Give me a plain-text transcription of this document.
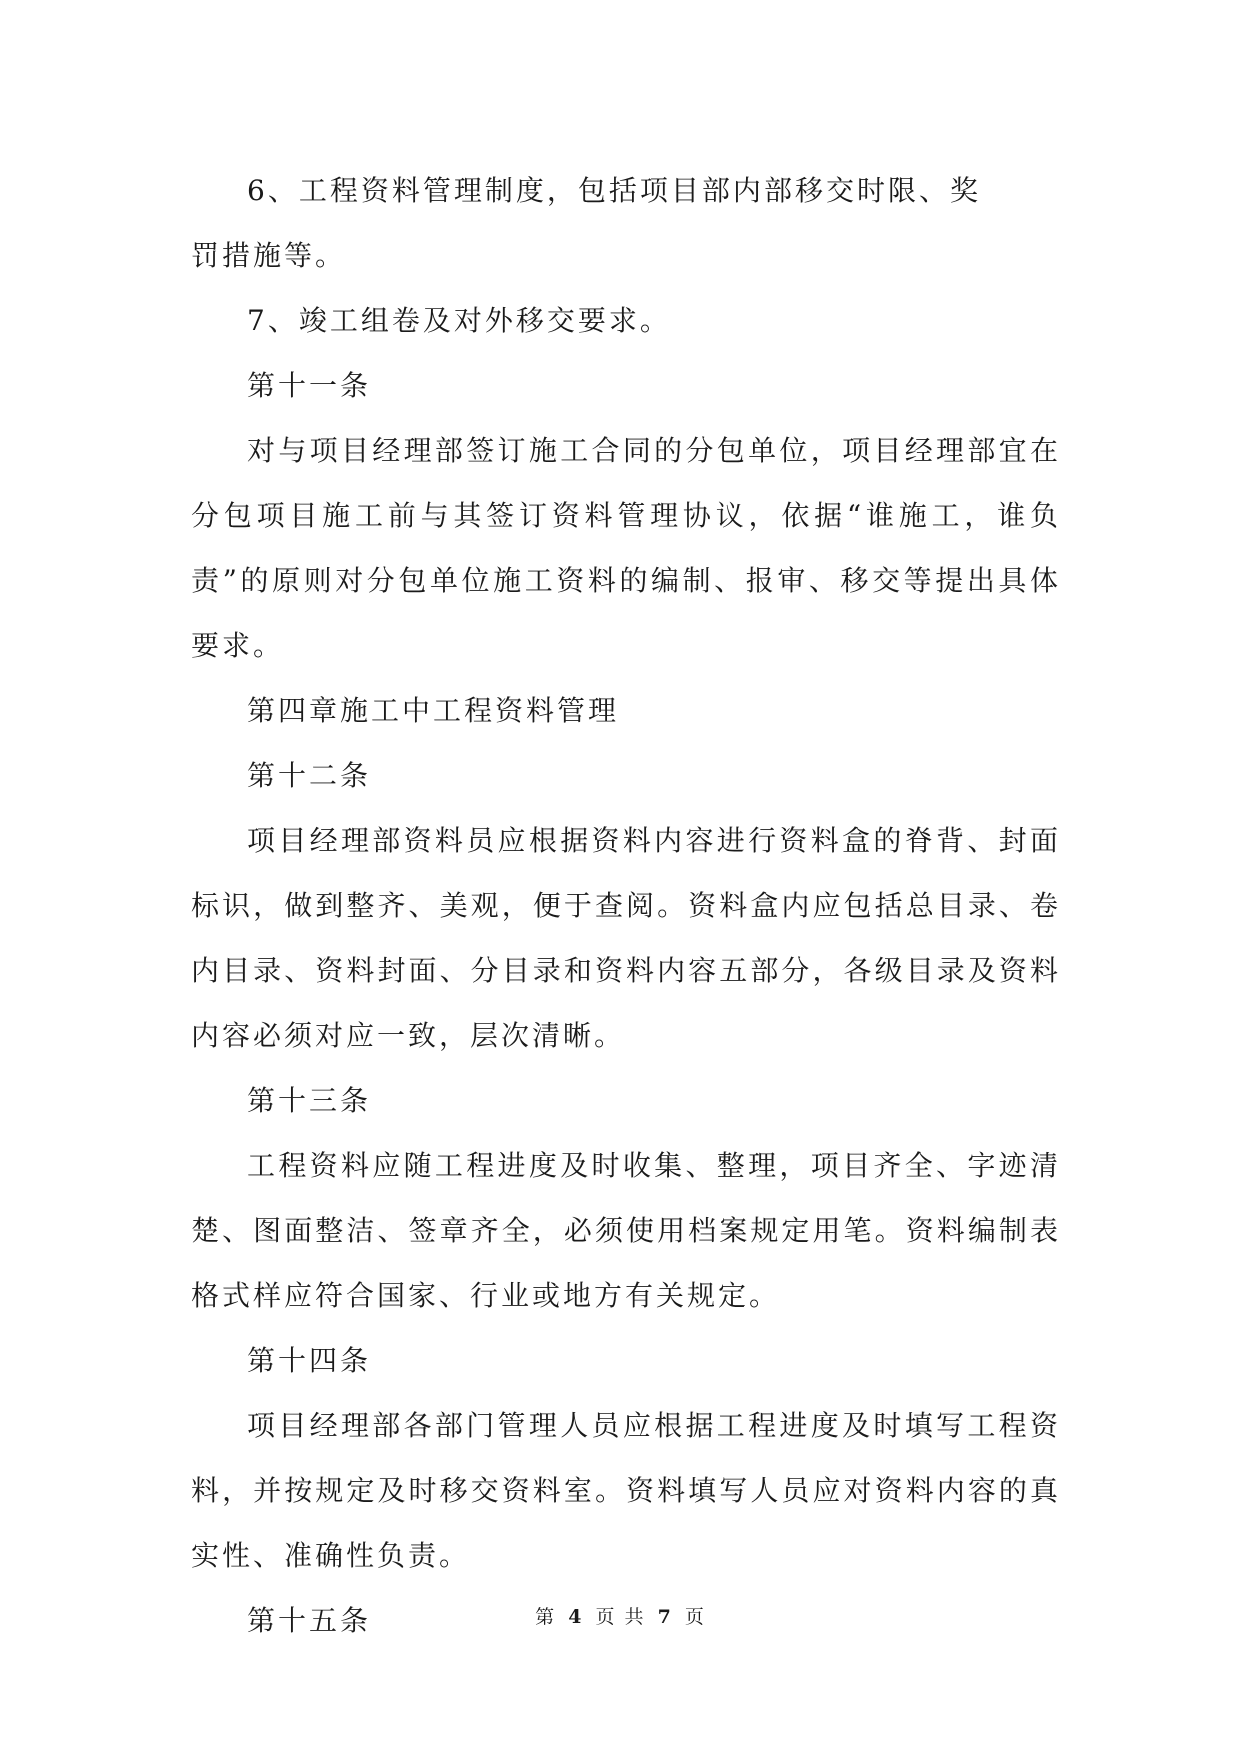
6、工程资料管理制度，包括项目部内部移交时限、奖罚措施等。

7、竣工组卷及对外移交要求。

第十一条

对与项目经理部签订施工合同的分包单位，项目经理部宜在分包项目施工前与其签订资料管理协议，依据“谁施工，谁负责”的原则对分包单位施工资料的编制、报审、移交等提出具体要求。

第四章施工中工程资料管理

第十二条

项目经理部资料员应根据资料内容进行资料盒的脊背、封面标识，做到整齐、美观，便于查阅。资料盒内应包括总目录、卷内目录、资料封面、分目录和资料内容五部分，各级目录及资料内容必须对应一致，层次清晰。

第十三条

工程资料应随工程进度及时收集、整理，项目齐全、字迹清楚、图面整洁、签章齐全，必须使用档案规定用笔。资料编制表格式样应符合国家、行业或地方有关规定。

第十四条

项目经理部各部门管理人员应根据工程进度及时填写工程资料，并按规定及时移交资料室。资料填写人员应对资料内容的真实性、准确性负责。

第十五条	第 4 页 共 7 页
